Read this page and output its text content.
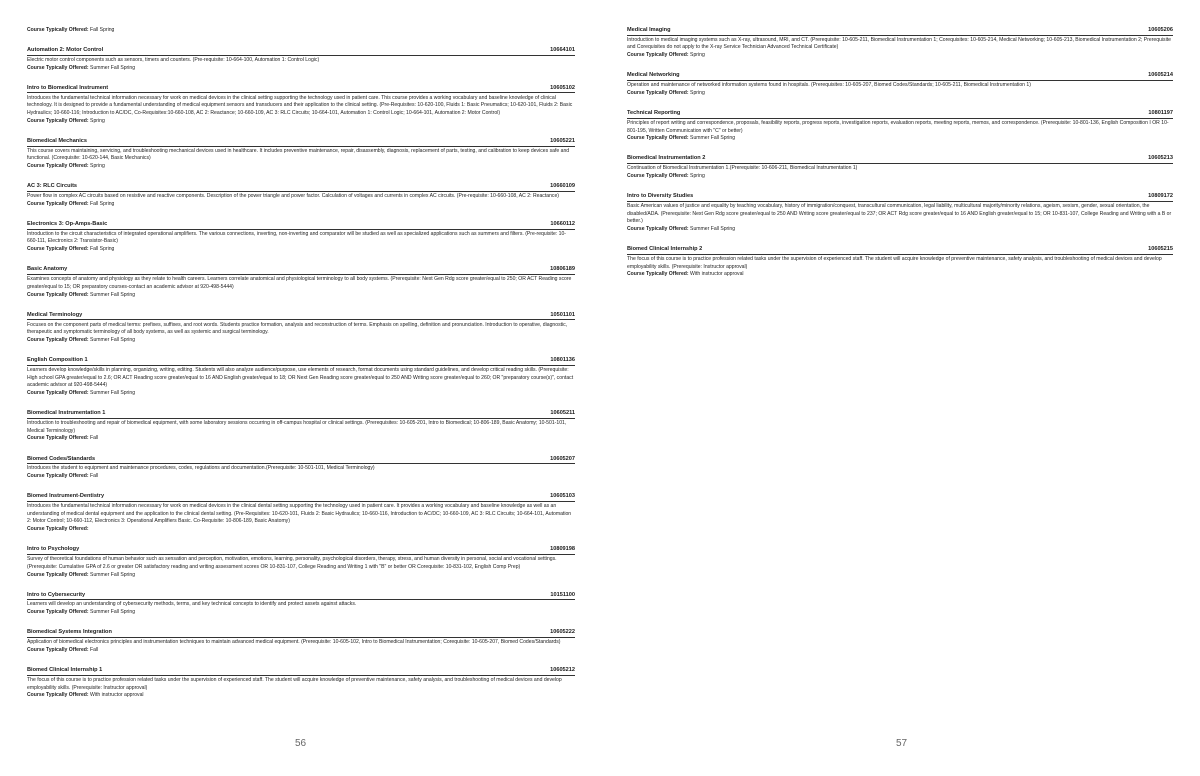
Course Typically Offered: Fall Spring
Automation 2: Motor Control	10664101
Electric motor control components such as sensors, timers and counters. (Pre-requisite: 10-664-100, Automation 1: Control Logic)
Course Typically Offered: Summer Fall Spring
Intro to Biomedical Instrument	10605102
Introduces the fundamental technical information necessary for work on medical devices in the clinical setting supporting the technology used in patient care. This course provides a working vocabulary and baseline knowledge of clinical technology. It is designed to provide a fundamental understanding of medical equipment sensors and transducers and their application to the clinical setting. (Pre-Requisites: 10-620-100, Fluids 1: Basic Pneumatics; 10-620-101, Fluids 2: Basic Hydraulics; 10-660-116; Introduction to AC/DC, Co-Requisites:10-660-108, AC 2: Reactance; 10-660-109, AC 3: RLC Circuits; 10-664-101, Automation 1: Control Logic; 10-664-101, Automation 2: Motor Control)
Course Typically Offered: Spring
Biomedical Mechanics	10605221
This course covers maintaining, servicing, and troubleshooting mechanical devices used in healthcare. It includes preventive maintenance, repair, disassembly, diagnosis, replacement of parts, testing, and calibration to keep devices safe and functional. (Corequisite: 10-620-144, Basic Mechanics)
Course Typically Offered: Spring
AC 3: RLC Circuits	10660109
Power flow in complex AC circuits based on resistive and reactive components. Description of the power triangle and power factor. Calculation of voltages and currents in complex AC circuits. (Pre-requisite: 10-660-108, AC 2: Reactance)
Course Typically Offered: Fall Spring
Electronics 3: Op-Amps-Basic	10660112
Introduction to the circuit characteristics of integrated operational amplifiers. The various connections, inverting, non-inverting and comparator will be studied as well as specialized applications such as summers and filters. (Pre-requisite: 10-660-111, Electronics 2: Transistor-Basic)
Course Typically Offered: Fall Spring
Basic Anatomy	10806189
Examines concepts of anatomy and physiology as they relate to health careers. Learners correlate anatomical and physiological terminology to all body systems. (Prerequisite: Next Gen Rdg score greater/equal to 250; OR ACT Reading score greater/equal to 15; OR preparatory courses-contact an academic advisor at 920-498-5444)
Course Typically Offered: Summer Fall Spring
Medical Terminology	10501101
Focuses on the component parts of medical terms: prefixes, suffixes, and root words. Students practice formation, analysis and reconstruction of terms. Emphasis on spelling, definition and pronunciation. Introduction to operative, diagnostic, therapeutic and symptomatic terminology of all body systems, as well as systemic and surgical terminology.
Course Typically Offered: Summer Fall Spring
English Composition 1	10801136
Learners develop knowledge/skills in planning, organizing, writing, editing. Students will also analyze audience/purpose, use elements of research, format documents using standard guidelines, and develop critical reading skills. (Prerequisite: High school GPA greater/equal to 2.6; OR ACT Reading score greater/equal to 16 AND English greater/equal to 18; OR Next Gen Reading score greater/equal to 250 AND Writing score greater/equal to 260; OR "preparatory course(s)", contact academic advisor at 920-498-5444)
Course Typically Offered: Summer Fall Spring
Biomedical Instrumentation 1	10605211
Introduction to troubleshooting and repair of biomedical equipment, with some laboratory sessions occurring in off-campus hospital or clinical settings. (Prerequisites: 10-605-201, Intro to Biomedical; 10-806-189, Basic Anatomy; 10-501-101, Medical Terminology)
Course Typically Offered: Fall
Biomed Codes/Standards	10605207
Introduces the student to equipment and maintenance procedures, codes, regulations and documentation.(Prerequisite: 10-501-101, Medical Terminology)
Course Typically Offered: Fall
Biomed Instrument-Dentistry	10605103
Introduces the fundamental technical information necessary for work on medical devices in the clinical dental setting supporting the technology used in patient care. It provides a working vocabulary and baseline knowledge as well as an understanding of medical dental equipment and the application to the clinical dental setting. (Pre-Requisites: 10-620-101, Fluids 2: Basic Hydraulics; 10-660-116, Introduction to AC/DC; 10-660-109, AC 3: RLC Circuits; 10-664-101, Automation 2: Motor Control; 10-660-112, Electronics 3: Operational Amplifiers Basic. Co-Requisite: 10-806-189, Basic Anatomy)
Course Typically Offered:
Intro to Psychology	10809198
Survey of theoretical foundations of human behavior such as sensation and perception, motivation, emotions, learning, personality, psychological disorders, therapy, stress, and human diversity in personal, social and vocational settings. (Prerequisite: Cumulative GPA of 2.6 or greater OR satisfactory reading and writing assessment scores OR 10-831-107, College Reading and Writing 1 with "B" or better OR Corequisite: 10-831-102, English Comp Prep)
Course Typically Offered: Summer Fall Spring
Intro to Cybersecurity	10151100
Learners will develop an understanding of cybersecurity methods, terms, and key technical concepts to identify and protect assets against attacks.
Course Typically Offered: Summer Fall Spring
Biomedical Systems Integration	10605222
Application of biomedical electronics principles and instrumentation techniques to maintain advanced medical equipment. (Prerequisite: 10-605-102, Intro to Biomedical Instrumentation; Corequisite: 10-605-207, Biomed Codes/Standards)
Course Typically Offered: Fall
Biomed Clinical Internship 1	10605212
The focus of this course is to practice profession related tasks under the supervision of experienced staff. The student will acquire knowledge of preventive maintenance, safety analysis, and troubleshooting of medical devices and develop employability skills. (Prerequisite: Instructor approval)
Course Typically Offered: With instructor approval
56
Medical Imaging	10605206
Introduction to medical imaging systems such as X-ray, ultrasound, MRI, and CT. (Prerequisite: 10-605-211, Biomedical Instrumentation 1; Corequisites: 10-605-214, Medical Networking; 10-605-213, Biomedical Instrumentation 2; Prerequisite and Corequisites do not apply to the X-ray Service Technician Advanced Technical Certificate)
Course Typically Offered: Spring
Medical Networking	10605214
Operation and maintenance of networked information systems found in hospitals. (Prerequisites: 10-605-207, Biomed Codes/Standards; 10-605-211, Biomedical Instrumentation 1)
Course Typically Offered: Spring
Technical Reporting	10801197
Principles of report writing and correspondence, proposals, feasibility reports, progress reports, investigation reports, evaluation reports, meeting reports, memos, and correspondence. (Prerequisite: 10-801-136, English Composition I OR 10-801-195, Written Communication with "C" or better)
Course Typically Offered: Summer Fall Spring
Biomedical Instrumentation 2	10605213
Continuation of Biomedical Instrumentation 1.(Prerequisite: 10-606-211, Biomedical Instrumentation 1)
Course Typically Offered: Spring
Intro to Diversity Studies	10809172
Basic American values of justice and equality by teaching vocabulary, history of immigration/conquest, transcultural communication, legal liability, multicultural majority/minority relations, ageism, sexism, gender, sexual orientation, the disabled/ADA. (Prerequisite: Next Gen Rdg score greater/equal to 250 AND Writing score greater/equal to 237; OR ACT Rdg score greater/equal to 16 AND English greater/equal to 15; OR 10-831-107, College Reading and Writing with a B or better.)
Course Typically Offered: Summer Fall Spring
Biomed Clinical Internship 2	10605215
The focus of this course is to practice profession related tasks under the supervision of experienced staff. The student will acquire knowledge of preventive maintenance, safety analysis, and troubleshooting of medical devices and develop employability skills. (Prerequisite: Instructor approval)
Course Typically Offered: With instructor approval
57
